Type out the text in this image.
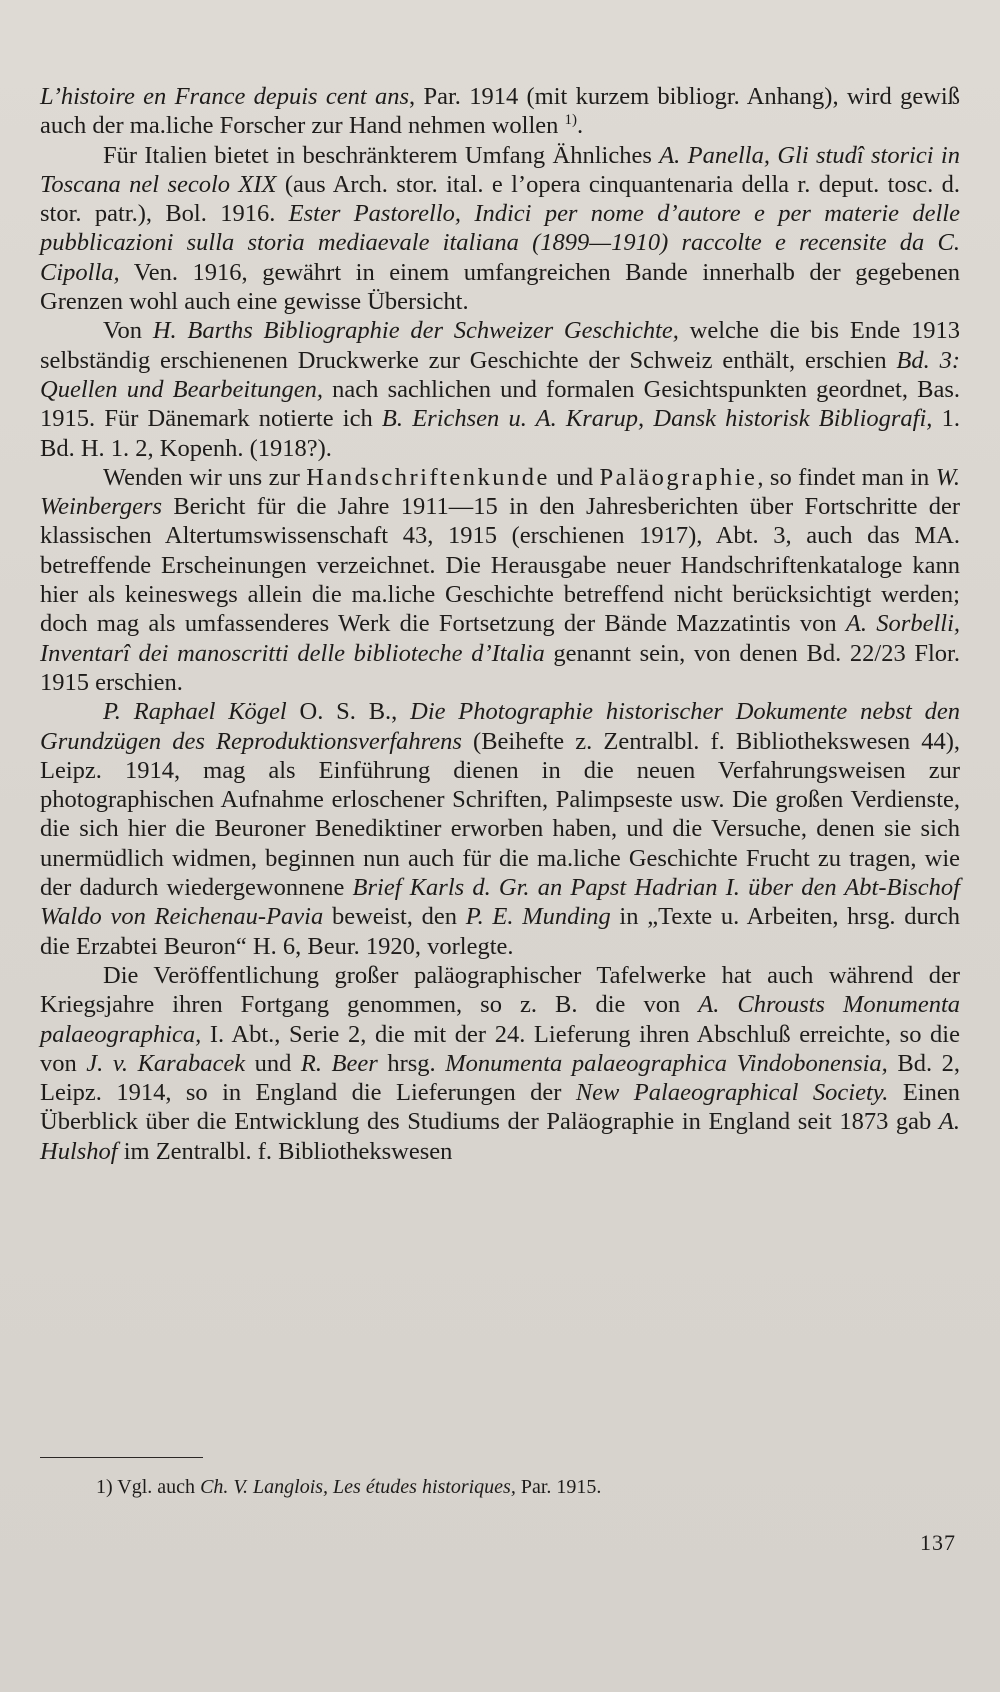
L’histoire en France depuis cent ans, Par. 1914 (mit kurzem bibliogr. Anhang), wird gewiß auch der ma.liche Forscher zur Hand nehmen wollen $^{1)}$.

Für Italien bietet in beschränkterem Umfang Ähnliches A. Panella, Gli studî storici in Toscana nel secolo XIX (aus Arch. stor. ital. e l’opera cinquantenaria della r. deput. tosc. d. stor. patr.), Bol. 1916. Ester Pastorello, Indici per nome d’autore e per materie delle pubblicazioni sulla storia mediaevale italiana (1899—1910) raccolte e recensite da C. Cipolla, Ven. 1916, gewährt in einem umfangreichen Bande innerhalb der gegebenen Grenzen wohl auch eine gewisse Übersicht.

Von H. Barths Bibliographie der Schweizer Geschichte, welche die bis Ende 1913 selbständig erschienenen Druckwerke zur Geschichte der Schweiz enthält, erschien Bd. 3: Quellen und Bearbeitungen, nach sachlichen und formalen Gesichtspunkten geordnet, Bas. 1915. Für Dänemark notierte ich B. Erichsen u. A. Krarup, Dansk historisk Bibliografi, 1. Bd. H. 1. 2, Kopenh. (1918?).

Wenden wir uns zur Handschriftenkunde und Paläographie, so findet man in W. Weinbergers Bericht für die Jahre 1911—15 in den Jahresberichten über Fortschritte der klassischen Altertumswissenschaft 43, 1915 (erschienen 1917), Abt. 3, auch das MA. betreffende Erscheinungen verzeichnet. Die Herausgabe neuer Handschriftenkataloge kann hier als keineswegs allein die ma.liche Geschichte betreffend nicht berücksichtigt werden; doch mag als umfassenderes Werk die Fortsetzung der Bände Mazzatintis von A. Sorbelli, Inventarî dei manoscritti delle biblioteche d’Italia genannt sein, von denen Bd. 22/23 Flor. 1915 erschien.

P. Raphael Kögel O. S. B., Die Photographie historischer Dokumente nebst den Grundzügen des Reproduktionsverfahrens (Beihefte z. Zentralbl. f. Bibliothekswesen 44), Leipz. 1914, mag als Einführung dienen in die neuen Verfahrungsweisen zur photographischen Aufnahme erloschener Schriften, Palimpseste usw. Die großen Verdienste, die sich hier die Beuroner Benediktiner erworben haben, und die Versuche, denen sie sich unermüdlich widmen, beginnen nun auch für die ma.liche Geschichte Frucht zu tragen, wie der dadurch wiedergewonnene Brief Karls d. Gr. an Papst Hadrian I. über den Abt-Bischof Waldo von Reichenau-Pavia beweist, den P. E. Munding in „Texte u. Arbeiten, hrsg. durch die Erzabtei Beuron“ H. 6, Beur. 1920, vorlegte.

Die Veröffentlichung großer paläographischer Tafelwerke hat auch während der Kriegsjahre ihren Fortgang genommen, so z. B. die von A. Chrousts Monumenta palaeographica, I. Abt., Serie 2, die mit der 24. Lieferung ihren Abschluß erreichte, so die von J. v. Karabacek und R. Beer hrsg. Monumenta palaeographica Vindobonensia, Bd. 2, Leipz. 1914, so in England die Lieferungen der New Palaeographical Society. Einen Überblick über die Entwicklung des Studiums der Paläographie in England seit 1873 gab A. Hulshof im Zentralbl. f. Bibliothekswesen

1) Vgl. auch Ch. V. Langlois, Les études historiques, Par. 1915.
137
